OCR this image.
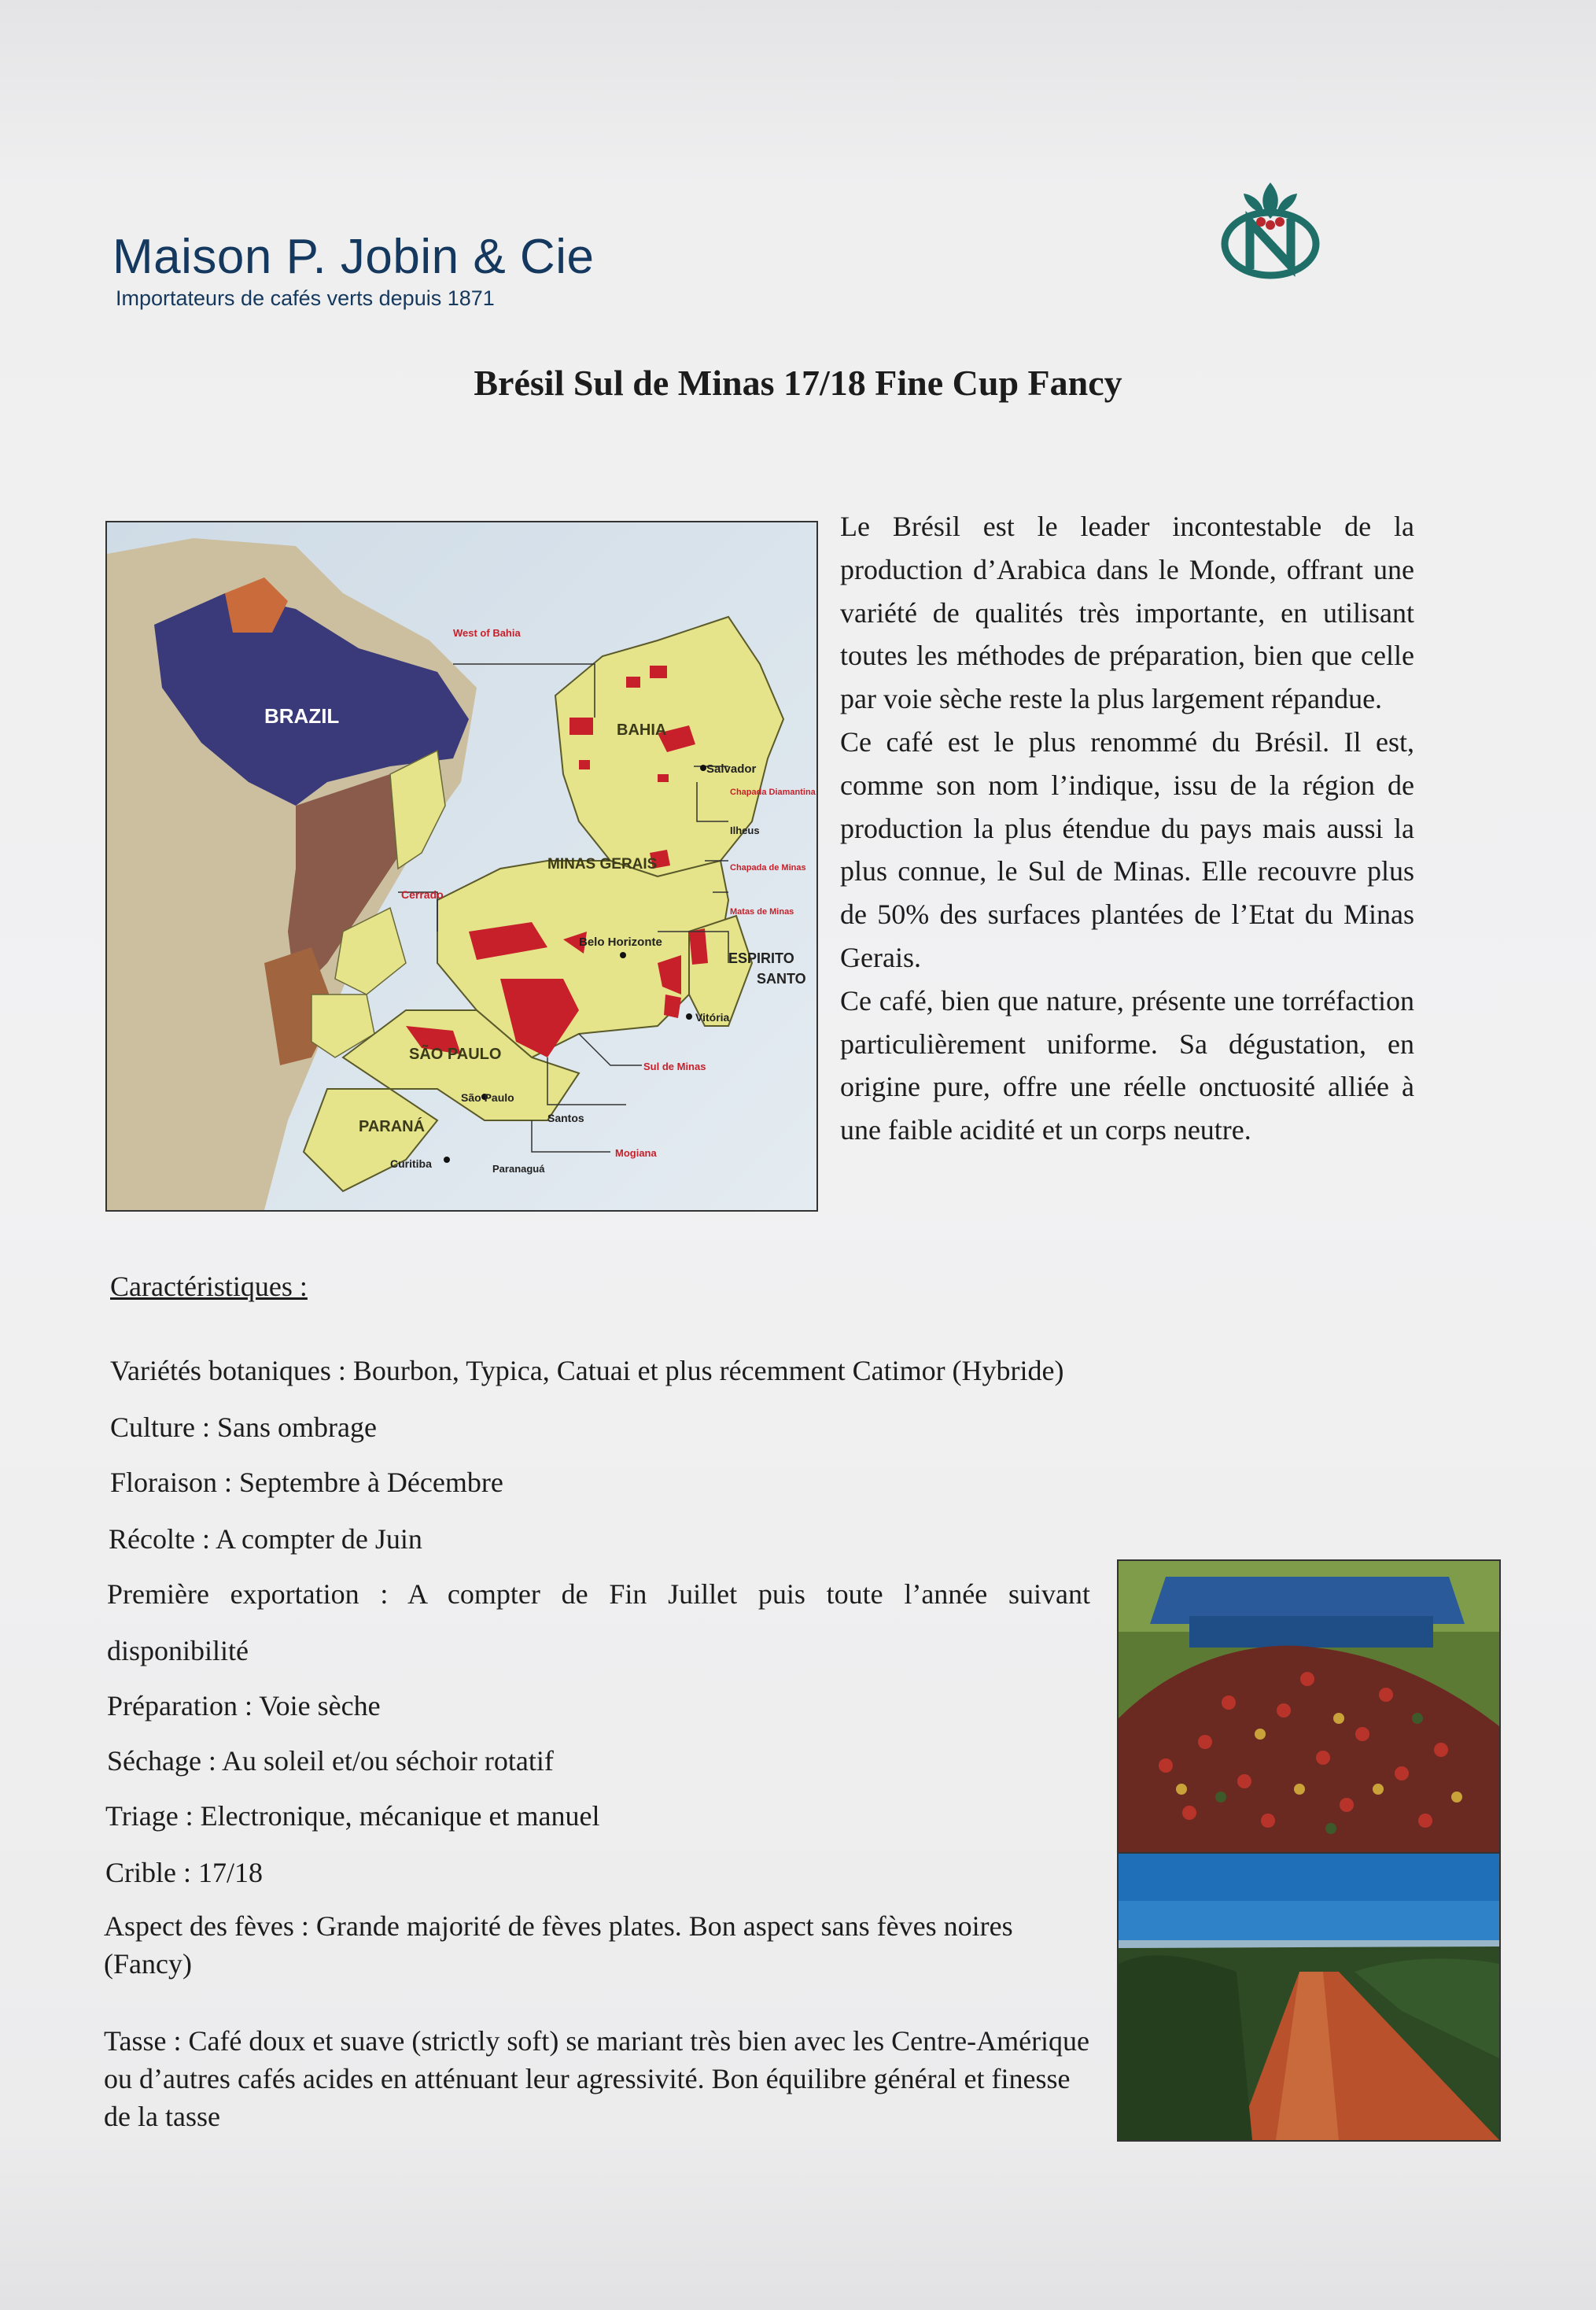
Maison P. Jobin & Cie
Importateurs de cafés verts depuis 1871
Brésil Sul de Minas 17/18 Fine Cup Fancy
BRAZIL
West of Bahia
BAHIA
Salvador
Chapada Diamantina
Ilheus
MINAS GERAIS	Chapada de Minas
Matas de Minas
Cerrado
Belo Horizonte
ESPIRITO
SANTO
Vitória
Sul de Minas
SÃO PAULO
São Paulo
Santos
Mogiana
PARANÁ
Curitiba	Paranaguá

Le Brésil est le leader incontestable de la production d’Arabica dans le Monde, offrant une variété de qualités très importante, en utilisant toutes les méthodes de préparation, bien que celle par voie sèche reste la plus largement répandue.

Ce café est le plus renommé du Brésil. Il est, comme son nom l’indique, issu de la région de production la plus étendue du pays mais aussi la plus connue, le Sul de Minas. Elle recouvre plus de 50% des surfaces plantées de l’Etat du Minas Gerais.

Ce café, bien que nature, présente une torréfaction particulièrement uniforme. Sa dégustation, en origine pure, offre une réelle onctuosité alliée à une faible acidité et un corps neutre.

Caractéristiques :
Variétés botaniques : Bourbon, Typica, Catuai et plus récemment Catimor (Hybride)
Culture : Sans ombrage
Floraison : Septembre à Décembre
Récolte : A compter de Juin
Première exportation : A compter de Fin Juillet puis toute l’année suivant
disponibilité
Préparation : Voie sèche
Séchage : Au soleil et/ou séchoir rotatif
Triage : Electronique, mécanique et manuel
Crible : 17/18
Aspect des fèves : Grande majorité de fèves plates. Bon aspect sans fèves noires (Fancy)
Tasse : Café doux et suave (strictly soft) se mariant très bien avec les Centre-Amérique ou d’autres cafés acides en atténuant leur agressivité. Bon équilibre général et finesse de la tasse
